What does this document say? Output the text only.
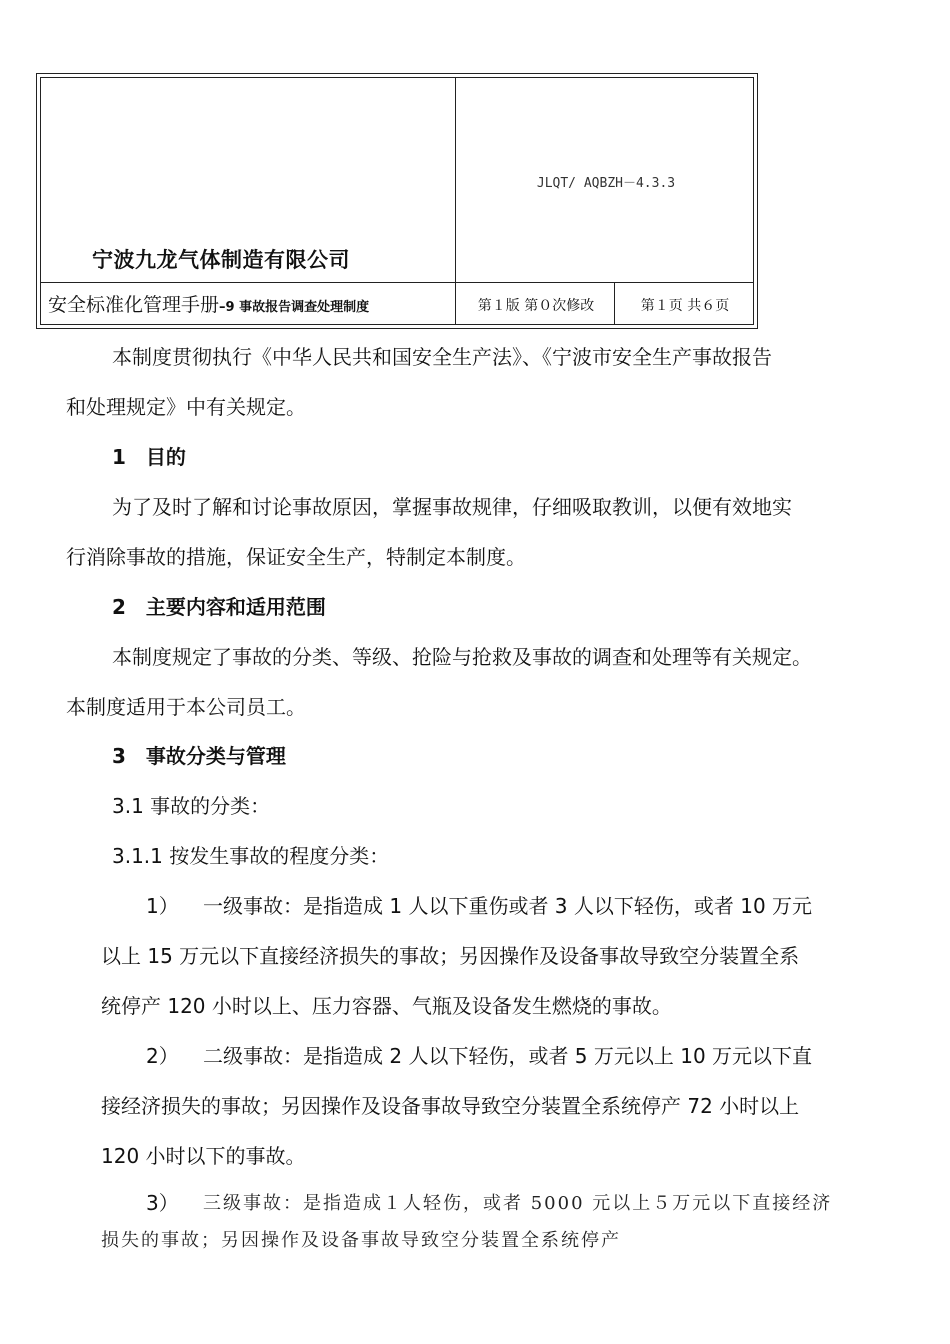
宁波九龙气体制造有限公司
JLQT/ AQBZH－4.3.3
安全标准化管理手册–9 事故报告调查处理制度	第１版 第０次修改	第１页 共６页
本制度贯彻执行《中华人民共和国安全生产法》、《宁波市安全生产事故报告
和处理规定》中有关规定。
1　目的
为了及时了解和讨论事故原因，掌握事故规律，仔细吸取教训，以便有效地实
行消除事故的措施，保证安全生产，特制定本制度。
2　主要内容和适用范围
本制度规定了事故的分类、等级、抢险与抢救及事故的调查和处理等有关规定。
本制度适用于本公司员工。
3　事故分类与管理
3.1 事故的分类：
3.1.1 按发生事故的程度分类：
1） 一级事故：是指造成 1 人以下重伤或者 3 人以下轻伤，或者 10 万元
以上 15 万元以下直接经济损失的事故；另因操作及设备事故导致空分装置全系
统停产 120 小时以上、压力容器、气瓶及设备发生燃烧的事故。
2） 二级事故：是指造成 2 人以下轻伤，或者 5 万元以上 10 万元以下直
接经济损失的事故；另因操作及设备事故导致空分装置全系统停产 72 小时以上
120 小时以下的事故。
3） 三级事故：是指造成１人轻伤，或者 5000 元以上５万元以下直接经济
损失的事故；另因操作及设备事故导致空分装置全系统停产
